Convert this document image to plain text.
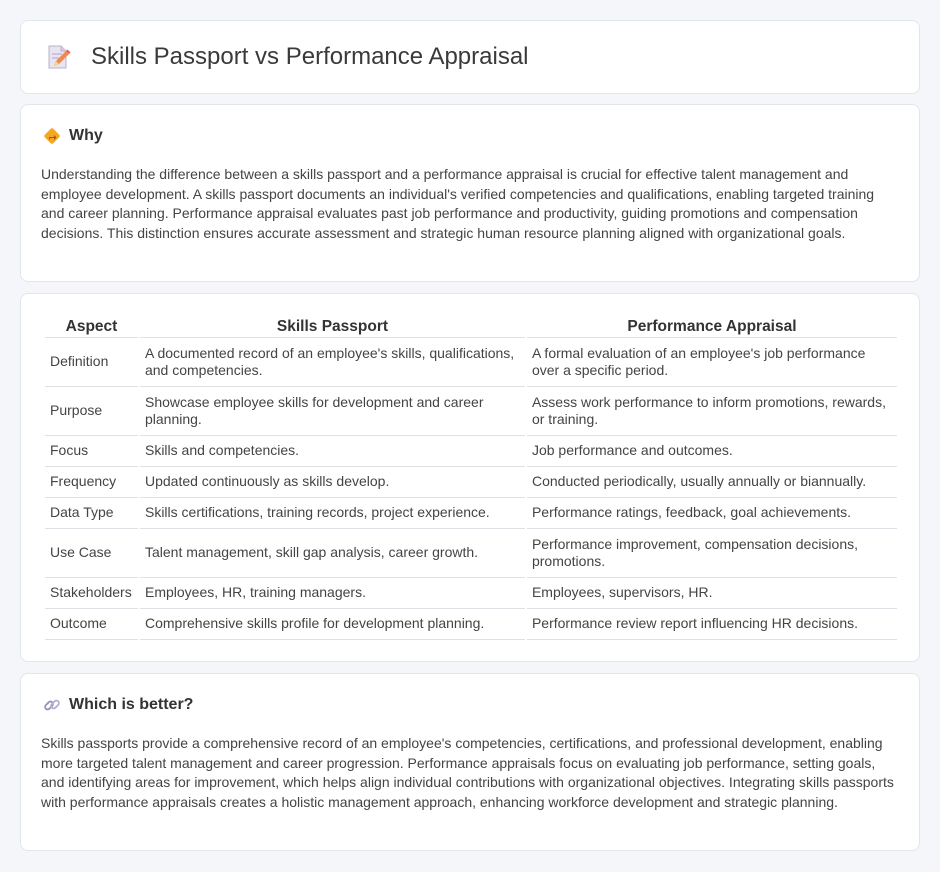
Skills Passport vs Performance Appraisal
Why

Understanding the difference between a skills passport and a performance appraisal is crucial for effective talent management and employee development. A skills passport documents an individual's verified competencies and qualifications, enabling targeted training and career planning. Performance appraisal evaluates past job performance and productivity, guiding promotions and compensation decisions. This distinction ensures accurate assessment and strategic human resource planning aligned with organizational goals.

Aspect	Skills Passport	Performance Appraisal
Definition	A documented record of an employee's skills, qualifications, and competencies.	A formal evaluation of an employee's job performance over a specific period.
Purpose	Showcase employee skills for development and career planning.	Assess work performance to inform promotions, rewards, or training.
Focus	Skills and competencies.	Job performance and outcomes.
Frequency	Updated continuously as skills develop.	Conducted periodically, usually annually or biannually.
Data Type	Skills certifications, training records, project experience.	Performance ratings, feedback, goal achievements.
Use Case	Talent management, skill gap analysis, career growth.	Performance improvement, compensation decisions, promotions.
Stakeholders	Employees, HR, training managers.	Employees, supervisors, HR.
Outcome	Comprehensive skills profile for development planning.	Performance review report influencing HR decisions.
Which is better?

Skills passports provide a comprehensive record of an employee's competencies, certifications, and professional development, enabling more targeted talent management and career progression. Performance appraisals focus on evaluating job performance, setting goals, and identifying areas for improvement, which helps align individual contributions with organizational objectives. Integrating skills passports with performance appraisals creates a holistic management approach, enhancing workforce development and strategic planning.
